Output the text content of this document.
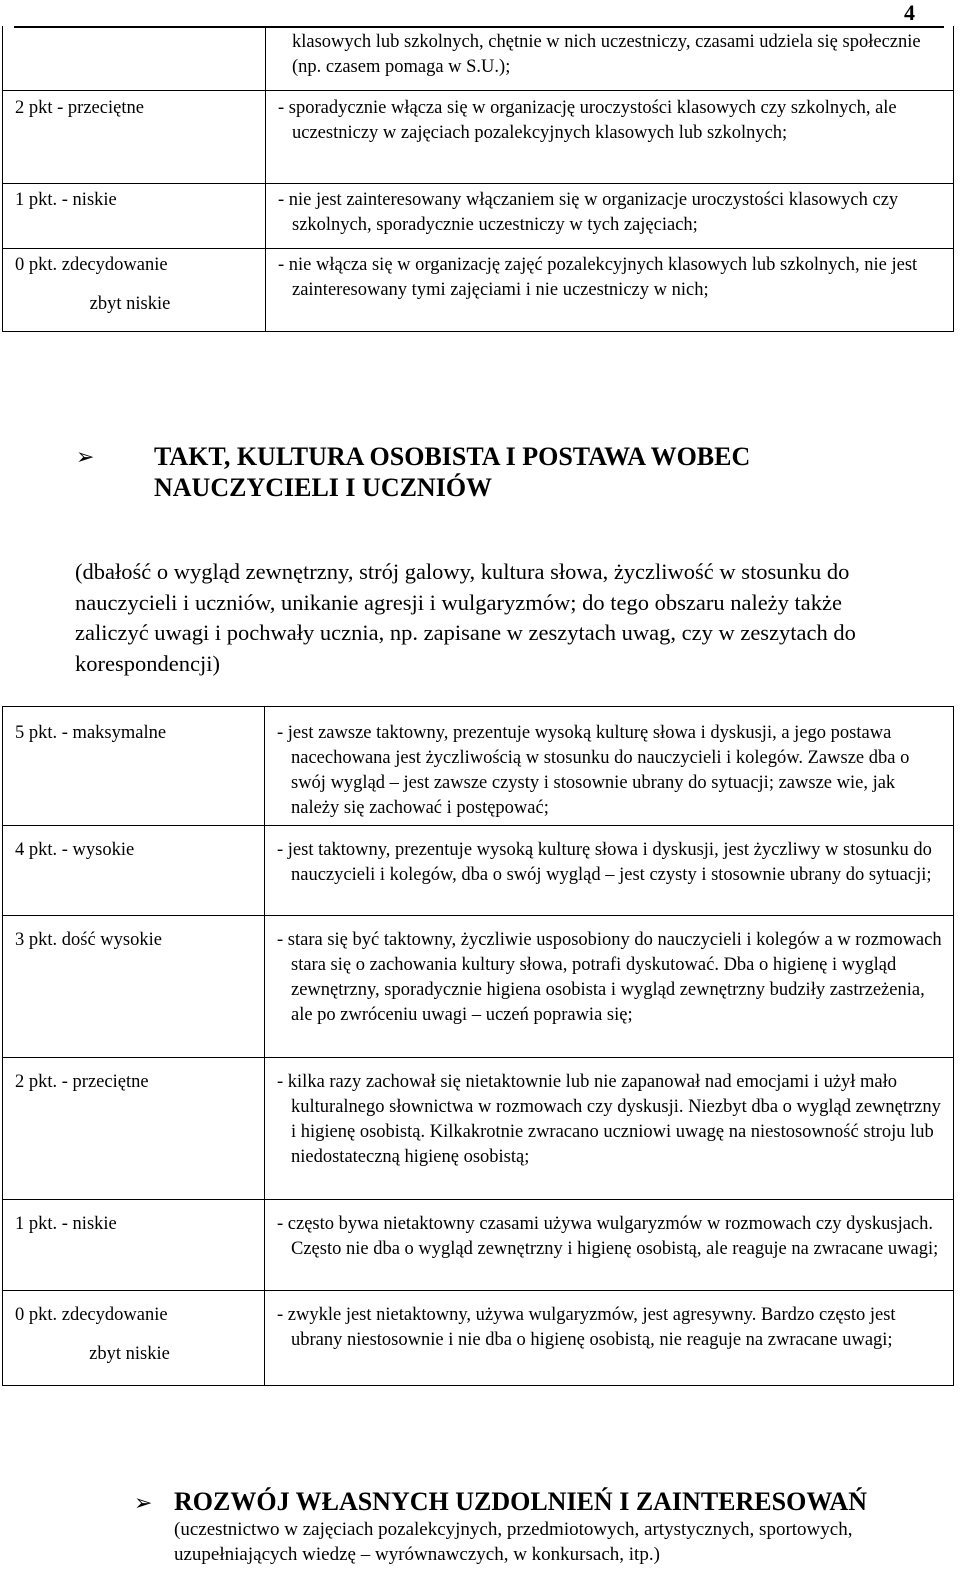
4

	klasowych lub szkolnych, chętnie w nich uczestniczy, czasami udziela się społecznie (np. czasem pomaga w S.U.);

2 pkt - przeciętne	- sporadycznie włącza się w organizację uroczystości klasowych czy szkolnych, ale uczestniczy w zajęciach pozalekcyjnych klasowych lub szkolnych;

1 pkt. - niskie	- nie jest zainteresowany włączaniem się w organizacje uroczystości klasowych czy szkolnych, sporadycznie uczestniczy w tych zajęciach;

0 pkt. zdecydowanie
zbyt niskie	- nie włącza się w organizację zajęć pozalekcyjnych klasowych lub szkolnych, nie jest zainteresowany tymi zajęciami i nie uczestniczy w nich;
➢ TAKT, KULTURA OSOBISTA I POSTAWA WOBEC
NAUCZYCIELI I UCZNIÓW
(dbałość o wygląd zewnętrzny, strój galowy, kultura słowa, życzliwość w stosunku do nauczycieli i uczniów, unikanie agresji i wulgaryzmów; do tego obszaru należy także zaliczyć uwagi i pochwały ucznia, np. zapisane w zeszytach uwag, czy w zeszytach do korespondencji)
5 pkt. - maksymalne	- jest zawsze taktowny, prezentuje wysoką kulturę słowa i dyskusji, a jego postawa nacechowana jest życzliwością w stosunku do nauczycieli i kolegów. Zawsze dba o swój wygląd – jest zawsze czysty i stosownie ubrany do sytuacji; zawsze wie, jak należy się zachować i postępować;

4 pkt. - wysokie	- jest taktowny, prezentuje wysoką kulturę słowa i dyskusji, jest życzliwy w stosunku do nauczycieli i kolegów, dba o swój wygląd – jest czysty i stosownie ubrany do sytuacji;

3 pkt. dość wysokie	- stara się być taktowny, życzliwie usposobiony do nauczycieli i kolegów a w rozmowach stara się o zachowania kultury słowa, potrafi dyskutować. Dba o higienę i wygląd zewnętrzny, sporadycznie higiena osobista i wygląd zewnętrzny budziły zastrzeżenia, ale po zwróceniu uwagi – uczeń poprawia się;

2 pkt. - przeciętne	- kilka razy zachował się nietaktownie lub nie zapanował nad emocjami i użył mało kulturalnego słownictwa w rozmowach czy dyskusji. Niezbyt dba o wygląd zewnętrzny i higienę osobistą. Kilkakrotnie zwracano uczniowi uwagę na niestosowność stroju lub niedostateczną higienę osobistą;

1 pkt. - niskie	- często bywa nietaktowny czasami używa wulgaryzmów w rozmowach czy dyskusjach. Często nie dba o wygląd zewnętrzny i higienę osobistą, ale reaguje na zwracane uwagi;

0 pkt. zdecydowanie
zbyt niskie	- zwykle jest nietaktowny, używa wulgaryzmów, jest agresywny. Bardzo często jest ubrany niestosownie i nie dba o higienę osobistą, nie reaguje na zwracane uwagi;
➢ ROZWÓJ WŁASNYCH UZDOLNIEŃ I ZAINTERESOWAŃ
(uczestnictwo w zajęciach pozalekcyjnych, przedmiotowych, artystycznych, sportowych, uzupełniających wiedzę – wyrównawczych, w konkursach, itp.)
